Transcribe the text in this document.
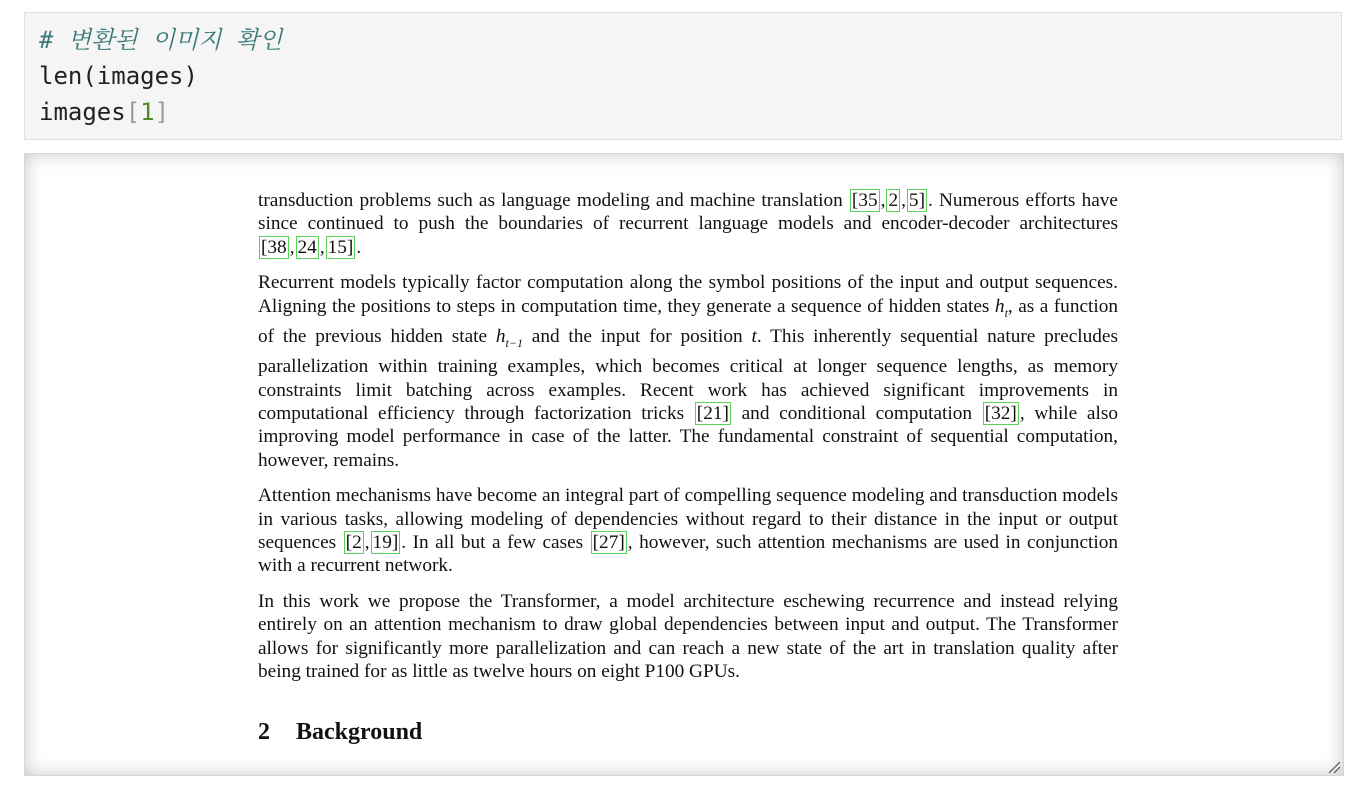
# 변환된 이미지 확인
len(images)
images[1]

transduction problems such as language modeling and machine translation [35 , 2 , 5] . Numerous efforts have since continued to push the boundaries of recurrent language models and encoder-decoder architectures [38 , 24 , 15] .

Recurrent models typically factor computation along the symbol positions of the input and output sequences. Aligning the positions to steps in computation time, they generate a sequence of hidden states $h_t$, as a function of the previous hidden state $h_{t-1}$ and the input for position t. This inherently sequential nature precludes parallelization within training examples, which becomes critical at longer sequence lengths, as memory constraints limit batching across examples. Recent work has achieved significant improvements in computational efficiency through factorization tricks [21] and conditional computation [32] , while also improving model performance in case of the latter. The fundamental constraint of sequential computation, however, remains.

Attention mechanisms have become an integral part of compelling sequence modeling and transduction models in various tasks, allowing modeling of dependencies without regard to their distance in the input or output sequences [2 , 19] . In all but a few cases [27] , however, such attention mechanisms are used in conjunction with a recurrent network.

In this work we propose the Transformer, a model architecture eschewing recurrence and instead relying entirely on an attention mechanism to draw global dependencies between input and output. The Transformer allows for significantly more parallelization and can reach a new state of the art in translation quality after being trained for as little as twelve hours on eight P100 GPUs.

2 Background
